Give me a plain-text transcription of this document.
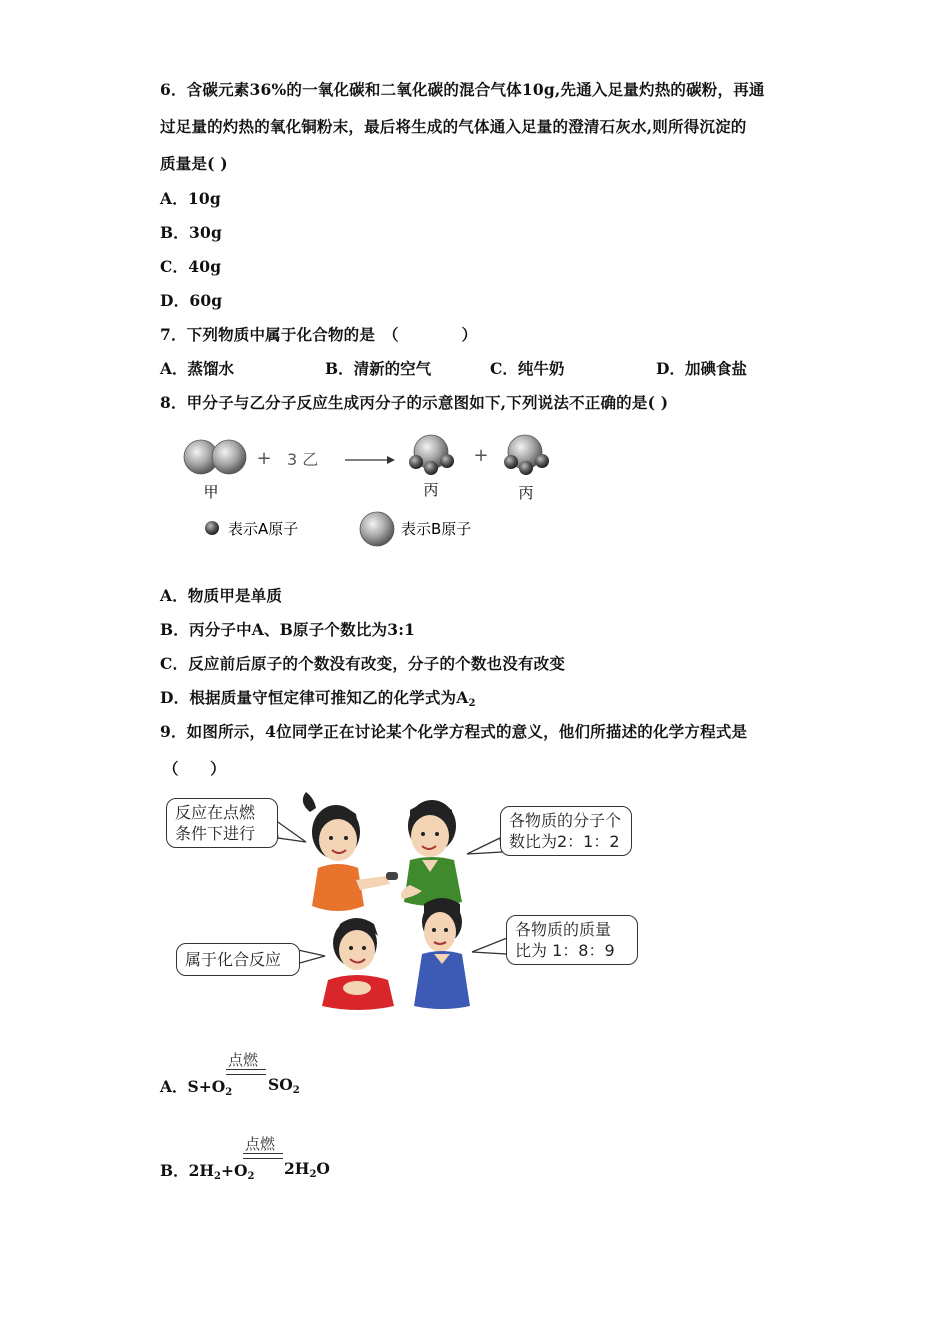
6．含碳元素36%的一氧化碳和二氧化碳的混合气体10g,先通入足量灼热的碳粉，再通
过足量的灼热的氧化铜粉末，最后将生成的气体通入足量的澄清石灰水,则所得沉淀的
质量是( )
A．10g
B．30g
C．40g
D．60g
7．下列物质中属于化合物的是　（　　　　）
A．蒸馏水	B．清新的空气	C．纯牛奶	D．加碘食盐
8．甲分子与乙分子反应生成丙分子的示意图如下,下列说法不正确的是( )
甲
+ 3 乙
丙
+
丙
表示A原子	表示B原子
A．物质甲是单质
B．丙分子中A、B原子个数比为3:1
C．反应前后原子的个数没有改变，分子的个数也没有改变
D．根据质量守恒定律可推知乙的化学式为$A_2$
9．如图所示，4位同学正在讨论某个化学方程式的意义，他们所描述的化学方程式是
（　　）
反应在点燃
条件下进行
各物质的分子个
数比为2：1：2
属于化合反应
各物质的质量
比为 1：8：9
点燃
A．$S+O_2$ $SO_2$
点燃
B．$2H_2+O_2$ $2H_2O$
